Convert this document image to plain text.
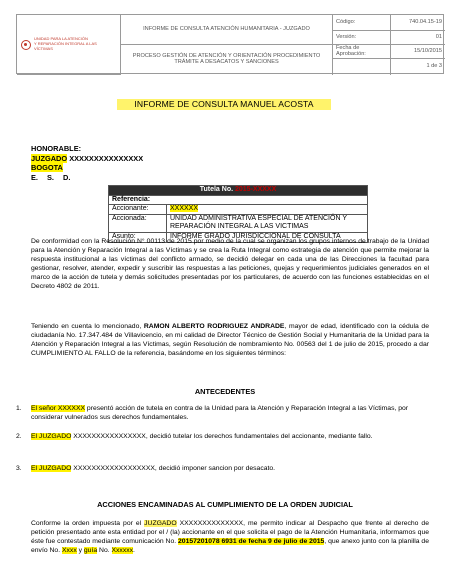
UNIDAD PARA LA ATENCIÓN
Y REPARACIÓN INTEGRAL A LAS VÍCTIMAS
INFORME DE CONSULTA ATENCIÓN HUMANITARIA - JUZGADO
Código:	740.04.15-19
Versión:	01
PROCESO GESTIÓN DE ATENCIÓN Y ORIENTACIÓN PROCEDIMIENTO TRÁMITE A DESACATOS Y SANCIONES
Fecha de Aprobación:	15/10/2015
1 de 3
INFORME DE CONSULTA MANUEL ACOSTA
HONORABLE:
JUZGADO XXXXXXXXXXXXXXX
BOGOTA
E. S. D.
Tutela No. 2015-XXXXX	
Referencia:	
Accionante:	XXXXXX
Accionada:	UNIDAD ADMINISTRATIVA ESPECIAL DE ATENCIÓN Y REPARACIÓN INTEGRAL A LAS VICTIMAS
Asunto:	INFORME GRADO JURISDICCIONAL DE CONSULTA
De conformidad con la Resolución N° 00113 de 2015 por medio de la cual se organizan los grupos internos de trabajo de la Unidad para la Atención y Reparación Integral a las Víctimas y se crea la Ruta Integral como estrategia de atención que permite mejorar la respuesta institucional a las víctimas del conflicto armado, se decidió delegar en cada una de las Direcciones la facultad para gestionar, resolver, atender, expedir y suscribir las respuestas a las peticiones, quejas y requerimientos judiciales generados en el marco de la acción de tutela y demás solicitudes presentadas por los particulares, de acuerdo con las funciones establecidas en el Decreto 4802 de 2011.
Teniendo en cuenta lo mencionado, RAMON ALBERTO RODRIGUEZ ANDRADE, mayor de edad, identificado con la cédula de ciudadanía No. 17.347.484 de Villavicencio, en mi calidad de Director Técnico de Gestión Social y Humanitaria de la Unidad para la Atención y Reparación Integral a las Víctimas, según Resolución de nombramiento No. 00563 del 1 de julio de 2015, procedo a dar CUMPLIMIENTO AL FALLO de la referencia, basándome en los siguientes términos:
ANTECEDENTES
1.	El señor XXXXXX presentó acción de tutela en contra de la Unidad para la Atención y Reparación Integral a las Víctimas, por considerar vulnerados sus derechos fundamentales.
2.	El JUZGADO XXXXXXXXXXXXXXXX, decidió tutelar los derechos fundamentales del accionante, mediante fallo.
3.	El JUZGADO XXXXXXXXXXXXXXXXXX, decidió imponer sancion por desacato.
ACCIONES ENCAMINADAS AL CUMPLIMIENTO DE LA ORDEN JUDICIAL
Conforme la orden impuesta por el JUZGADO XXXXXXXXXXXXXX, me permito indicar al Despacho que frente al derecho de petición presentado ante esta entidad por el / (la) accionante en el que solicita el pago de la Atención Humanitaria, informamos que éste fue contestado mediante comunicación No. 20157201078 6931 de fecha 9 de julio de 2015, que anexo junto con la planilla de envío No. Xxxx y guía No. Xxxxxx.
